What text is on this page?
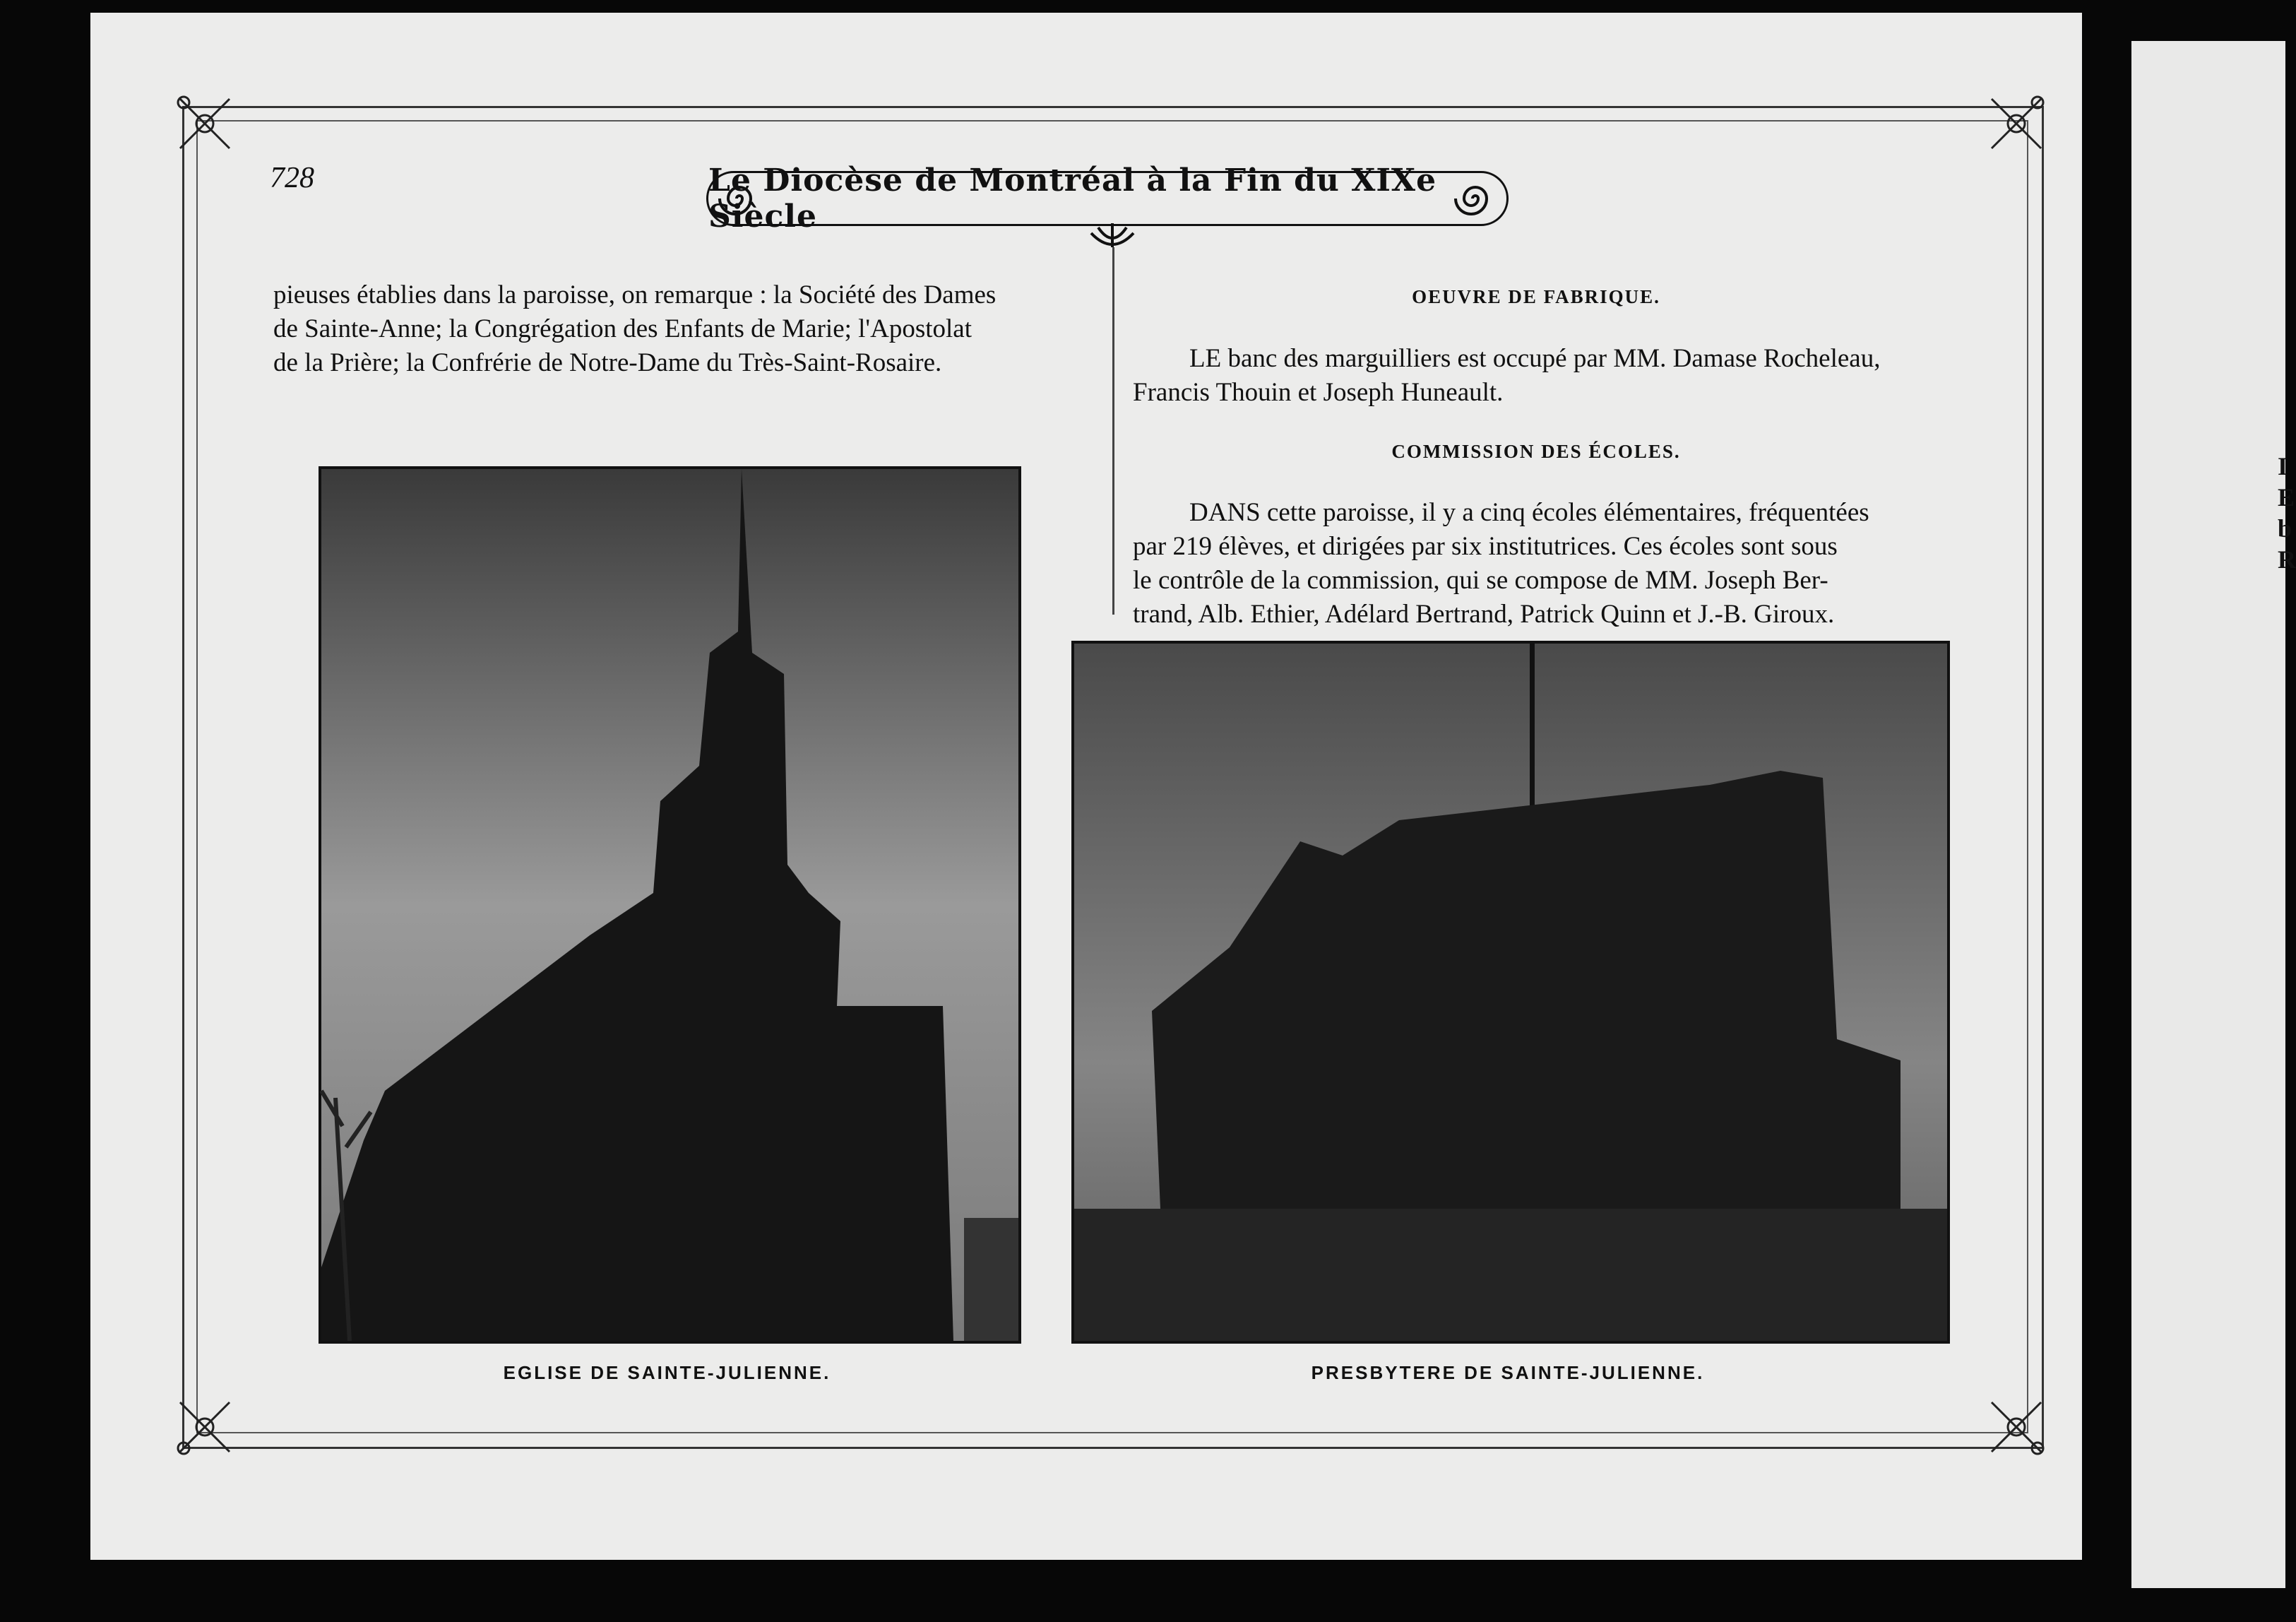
728	Le Diocèse de Montréal à la Fin du XIXe Siècle
pieuses établies dans la paroisse, on remarque : la Société des Dames
de Sainte-Anne; la Congrégation des Enfants de Marie; l'Apostolat
de la Prière; la Confrérie de Notre-Dame du Très-Saint-Rosaire.
OEUVRE DE FABRIQUE.
LE banc des marguilliers est occupé par MM. Damase Rocheleau,
Francis Thouin et Joseph Huneault.
COMMISSION DES ÉCOLES.
DANS cette paroisse, il y a cinq écoles élémentaires, fréquentées
par 219 élèves, et dirigées par six institutrices. Ces écoles sont sous
le contrôle de la commission, qui se compose de MM. Joseph Ber-
trand, Alb. Ethier, Adélard Bertrand, Patrick Quinn et J.-B. Giroux.
EGLISE DE SAINTE-JULIENNE.	PRESBYTERE DE SAINTE-JULIENNE.
I
E
b
R
